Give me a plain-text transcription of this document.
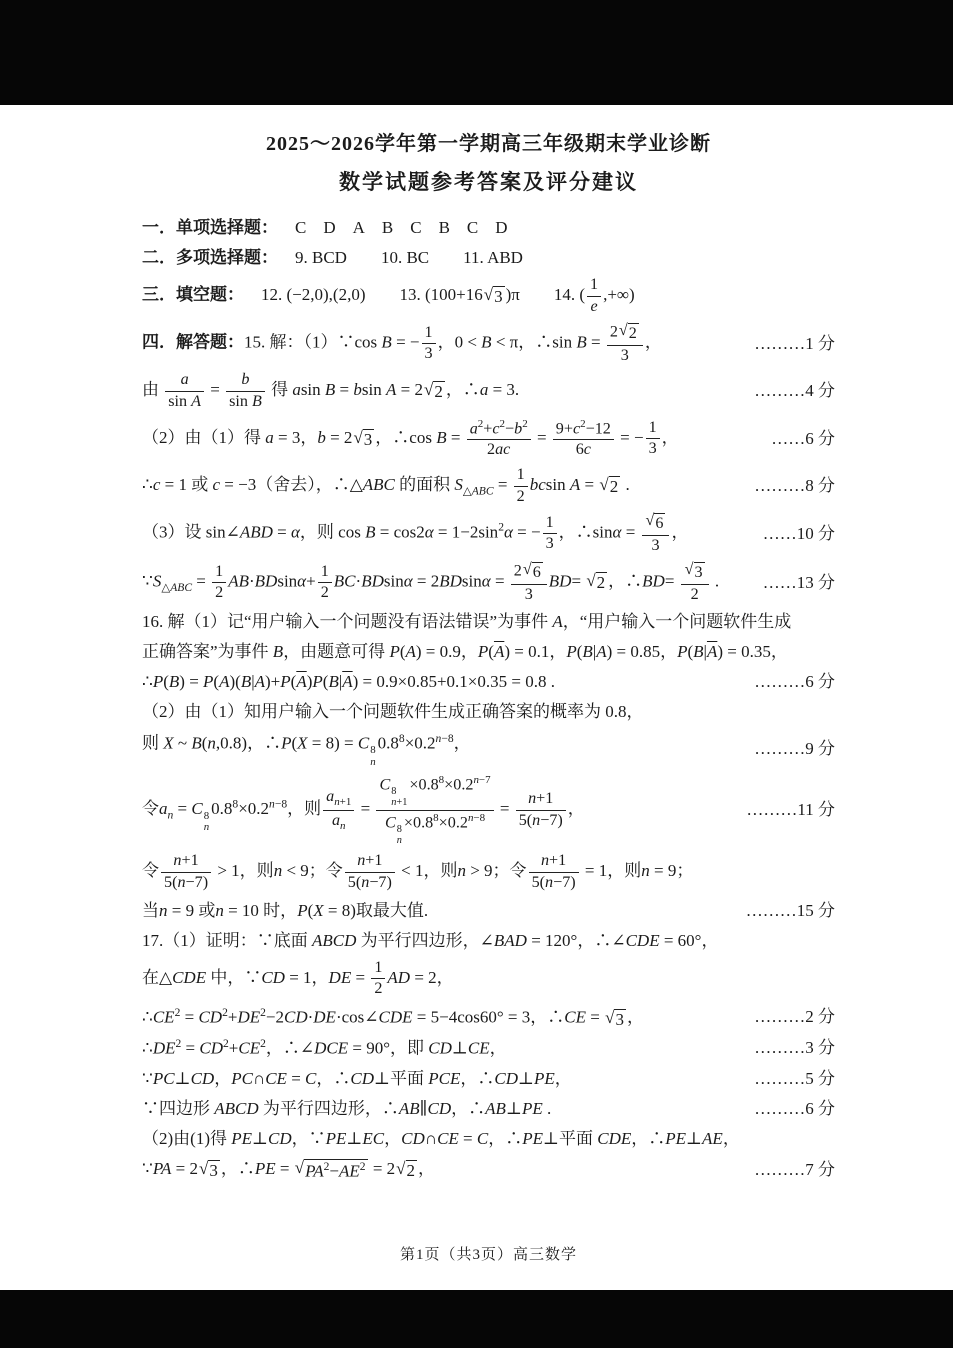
2025～2026学年第一学期高三年级期末学业诊断
数学试题参考答案及评分建议
一．单项选择题： C D A B C B C D
二．多项选择题： 9. BCD  10. BC  11. ABD
三．填空题： 12. (−2,0),(2,0)  13. (100+16 √ 3 )π  14. ( $\frac{1}{e}$ ,+∞)
四．解答题：15. 解：（1）∵cos B = − $\frac{1}{3}$ ，0 < B < π，∴sin $B = \frac{2 √ 2}{3}$ ，	………1 分
由 $\frac{a}{\text{sin A}} = \frac{b}{\text{sin B}}$ 得 asin B = bsin A = 2 √ 2 ，∴a = 3.	………4 分
（2）由（1）得 a = 3，b = 2 √ 3 ，∴cos $B = \frac{a^2+c^2-b^2}{2ac} = \frac{9+c^2-12}{6c}$ = − $\frac{1}{3}$ ，	……6 分
∴c = 1 或 c = −3（舍去），∴△ABC 的面积 $S_{\triangle ABC} = \frac{1}{2}$ bcsin A = √ 2 .	………8 分
（3）设 sin∠ABD = α，则 $\cos B = \cos 2\alpha = 1-2\sin^2\alpha$ = − $\frac{1}{3}$ ，∴sinα = $\frac{√ 6}{3}$ ，	……10 分
$\because S_{\triangle ABC} = \frac{1}{2} AB\cdot BDsin\alpha+ \frac{1}{2} BC\cdot BDsin\alpha = 2BDsin\alpha = \frac{2 √ 6}{3} BD=$ √ 2 ，∴BD= $\frac{√ 3}{2}$ .	……13 分
16. 解（1）记“用户输入一个问题没有语法错误”为事件 A，“用户输入一个问题软件生成
正确答案”为事件 B，由题意可得 P(A) = 0.9，$P(\overline{A}) = 0.1$，P(B|A) = 0.85，$P(B|\overline{A}) = 0.35$，
∴P(B) = $P(A)(B|A)+P(\overline{A})P(B|\overline{A}) = 0.9\times 0.85+0.1\times 0.35 = 0.8$ .	………6 分
（2）由（1）知用户输入一个问题软件生成正确答案的概率为 0.8，
则 X ~ B(n,0.8)，∴P(X = 8) = C 8
n
$0.8^8\times 0.2^{n-8}$，	………9 分
令$a_n = C$ 8
n
$0.8^8\times 0.2^{n-8}$，则 $\frac{a_{n+1}}{a_n} = C$ 8
n+1
$\times 0.8^8\times 0.2^{n-7}$
C 8
n
$\times 0.8^8\times 0.2^{n-8} = \frac{n+1}{5(n-7)}$ ，	………11 分
令 $\frac{n+1}{5(n-7)} > 1$，则n < 9；令 $\frac{n+1}{5(n-7)} < 1$，则n > 9；令 $\frac{n+1}{5(n-7)} = 1$，则n = 9；
当n = 9 或n = 10 时，P(X = 8)取最大值.	………15 分
17.（1）证明：∵底面 ABCD 为平行四边形，∠BAD = 120°，∴∠CDE = 60°，
在△CDE 中，∵CD = 1，DE = $\frac{1}{2}$ AD = 2，
$\therefore CE^2$ = $CD^2+DE^2-2CD\cdot DE\cdot\cos\angle CDE = 5-4\cos 60^\circ = 3$，∴CE = √ 3 ，	………2 分
$\therefore DE^2 = CD^2+CE^2$，∴∠DCE = 90°，即 CD⊥CE，	………3 分
∵PC⊥CD，PC∩CE = C，∴CD⊥平面 PCE，∴CD⊥PE，	………5 分
∵四边形 ABCD 为平行四边形，∴AB∥CD，∴AB⊥PE .	………6 分
（2)由(1)得 PE⊥CD，∵PE⊥EC，CD∩CE = C，∴PE⊥平面 CDE，∴PE⊥AE，
∵PA = 2 √ 3 ，∴PE = √ $PA^2-AE^2 = 2$ √ 2 ，	………7 分
第1页（共3页）高三数学
